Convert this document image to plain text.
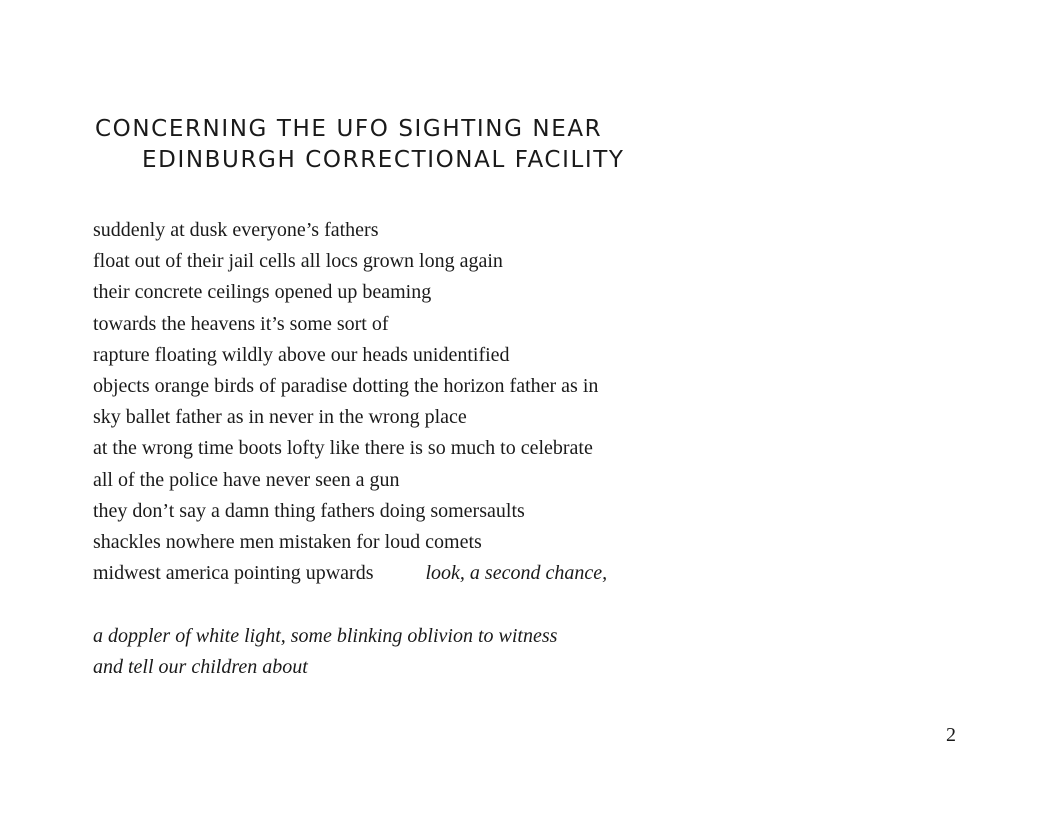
CONCERNING THE UFO SIGHTING NEAR
EDINBURGH CORRECTIONAL FACILITY
suddenly at dusk everyone’s fathers
float out of their jail cells all locs grown long again
their concrete ceilings opened up beaming
towards the heavens it’s some sort of
rapture floating wildly above our heads unidentified
objects orange birds of paradise dotting the horizon father as in
sky ballet father as in never in the wrong place
at the wrong time boots lofty like there is so much to celebrate
all of the police have never seen a gun
they don’t say a damn thing fathers doing somersaults
shackles nowhere men mistaken for loud comets
midwest america pointing upwards	look, a second chance,
a doppler of white light, some blinking oblivion to witness
and tell our children about
2
